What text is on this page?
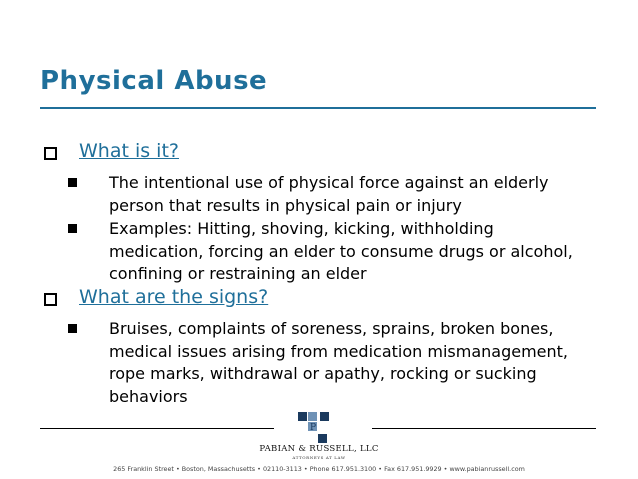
Physical Abuse
What is it?
The intentional use of physical force against an elderly person that results in physical pain or injury
Examples: Hitting, shoving, kicking, withholding medication, forcing an elder to consume drugs or alcohol, confining or restraining an elder
What are the signs?
Bruises, complaints of soreness, sprains, broken bones, medical issues arising from medication mismanagement, rope marks, withdrawal or apathy, rocking or sucking behaviors
P
R
PABIAN & RUSSELL, LLC
ATTORNEYS AT LAW
265 Franklin Street • Boston, Massachusetts • 02110-3113 • Phone 617.951.3100 • Fax 617.951.9929 • www.pabianrussell.com
